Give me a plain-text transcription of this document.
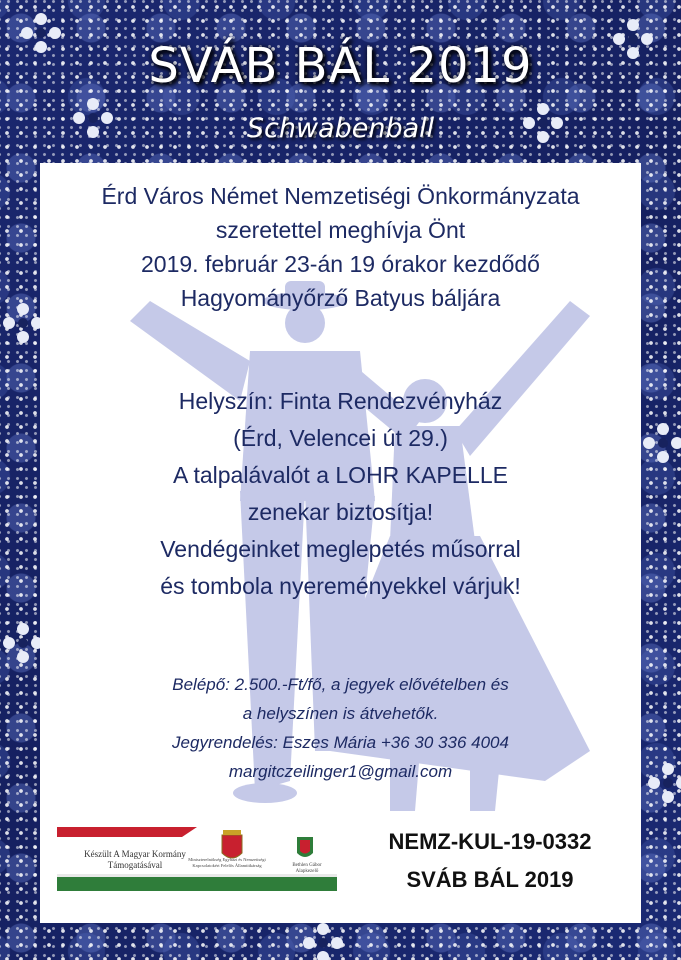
SVÁB BÁL 2019
Schwabenball
Érd Város Német Nemzetiségi Önkormányzata
szeretettel meghívja Önt
2019. február 23-án 19 órakor kezdődő
Hagyományőrző Batyus báljára
Helyszín: Finta Rendezvényház
(Érd, Velencei út 29.)
A talpalávalót a LOHR KAPELLE
zenekar biztosítja!
Vendégeinket meglepetés műsorral
és tombola nyereményekkel várjuk!
Belépő: 2.500.-Ft/fő, a jegyek elővételben és
a helyszínen is átvehetők.
Jegyrendelés: Eszes Mária +36 30 336 4004
margitczeilinger1@gmail.com
Készült A Magyar Kormány Támogatásával
Miniszterelnökség Egyházi és Nemzetiségi Kapcsolatokért Felelős Államtitkárság	Bethlen Gábor Alapkezelő
NEMZ-KUL-19-0332
SVÁB BÁL 2019
